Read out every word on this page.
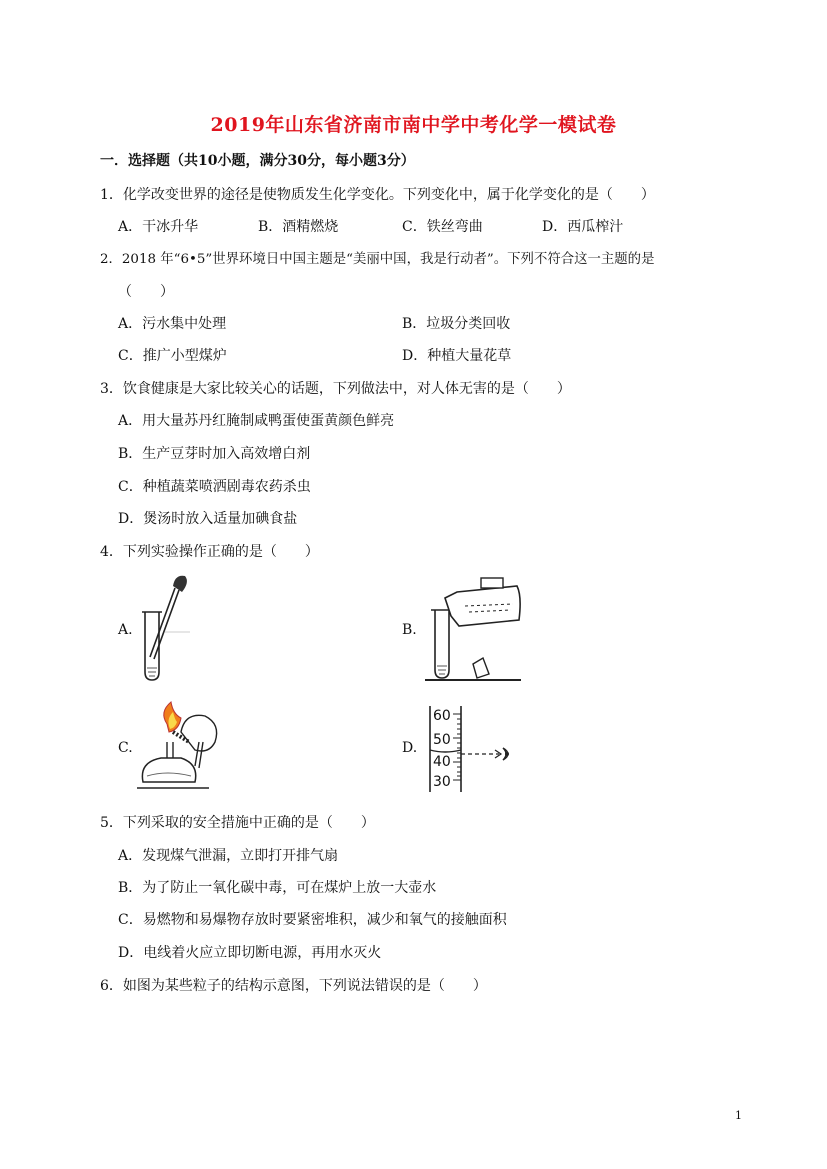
2019年山东省济南市南中学中考化学一模试卷
一．选择题（共10小题，满分30分，每小题3分）
1．化学改变世界的途径是使物质发生化学变化。下列变化中，属于化学变化的是（　　）
A．干冰升华	B．酒精燃烧	C．铁丝弯曲	D．西瓜榨汁
2．2018 年“6•5”世界环境日中国主题是“美丽中国，我是行动者”。下列不符合这一主题的是
（　　）
A．污水集中处理	B．垃圾分类回收
C．推广小型煤炉	D．种植大量花草
3．饮食健康是大家比较关心的话题，下列做法中，对人体无害的是（　　）
A．用大量苏丹红腌制咸鸭蛋使蛋黄颜色鲜亮
B．生产豆芽时加入高效增白剂
C．种植蔬菜喷洒剧毒农药杀虫
D．煲汤时放入适量加碘食盐
4．下列实验操作正确的是（　　）
A.	B.
C.	D.
60
50
40
30
5．下列采取的安全措施中正确的是（　　）
A．发现煤气泄漏，立即打开排气扇
B．为了防止一氧化碳中毒，可在煤炉上放一大壶水
C．易燃物和易爆物存放时要紧密堆积，减少和氧气的接触面积
D．电线着火应立即切断电源，再用水灭火
6．如图为某些粒子的结构示意图，下列说法错误的是（　　）
1
